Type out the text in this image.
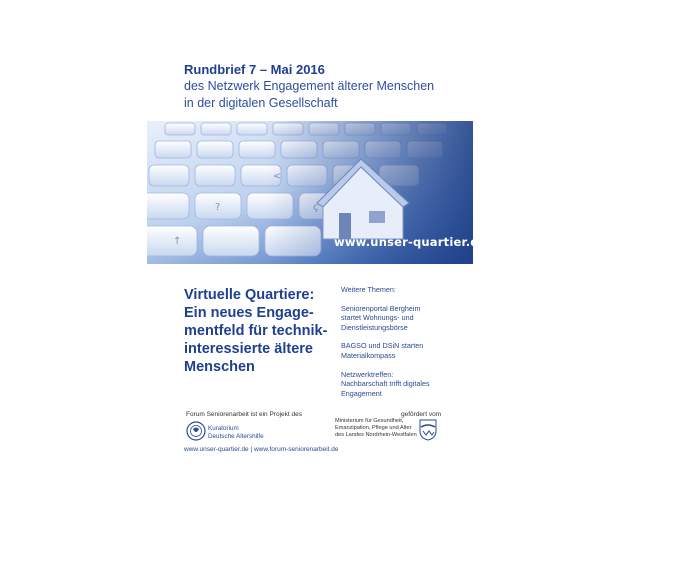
Rundbrief 7 – Mai 2016
des Netzwerk Engagement älterer Menschen
in der digitalen Gesellschaft
?
↑	www.unser-quartier.de
Virtuelle Quartiere:
Ein neues Engage-
mentfeld für technik-
interessierte ältere
Menschen
Weitere Themen:
Seniorenportal Bergheim
startet Wohnungs- und
Dienstleistungsbörse
BAGSO und DSiN starten
Materialkompass
Netzwerktreffen:
Nachbarschaft trifft digitales
Engagement
Forum Seniorenarbeit ist ein Projekt des	gefördert vom
Kuratorium
Deutsche Altershilfe
Ministerium für Gesundheit,
Emanzipation, Pflege und Alter
des Landes Nordrhein-Westfalen
www.unser-quartier.de | www.forum-seniorenarbeit.de
